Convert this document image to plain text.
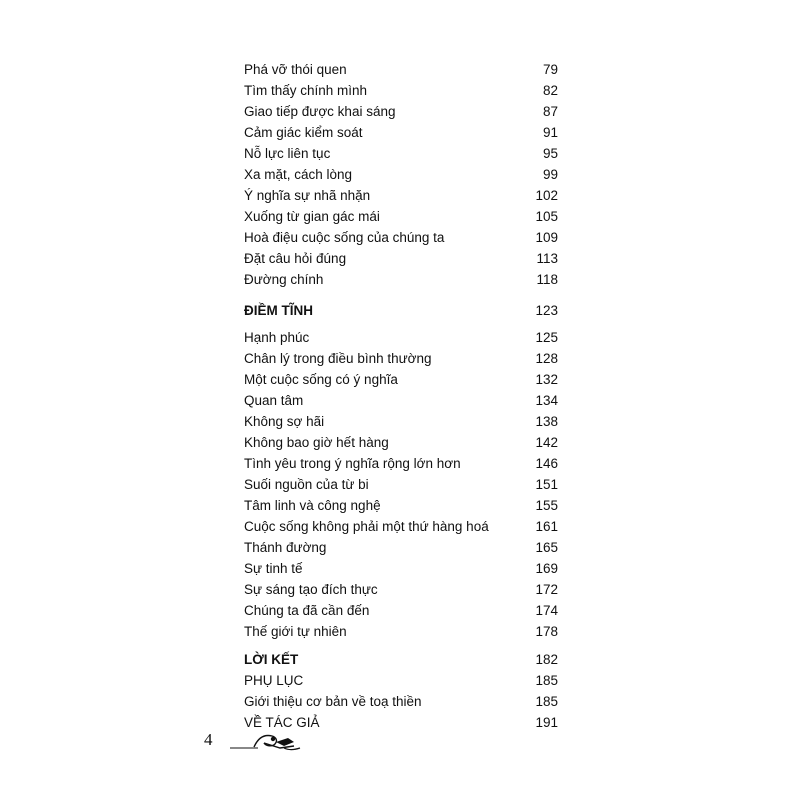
Phá vỡ thói quen	79
Tìm thấy chính mình	82
Giao tiếp được khai sáng	87
Cảm giác kiểm soát	91
Nỗ lực liên tục	95
Xa mặt, cách lòng	99
Ý nghĩa sự nhã nhặn	102
Xuống từ gian gác mái	105
Hoà điệu cuộc sống của chúng ta	109
Đặt câu hỏi đúng	113
Đường chính	118
ĐIỀM TĨNH	123
Hạnh phúc	125
Chân lý trong điều bình thường	128
Một cuộc sống có ý nghĩa	132
Quan tâm	134
Không sợ hãi	138
Không bao giờ hết hàng	142
Tình yêu trong ý nghĩa rộng lớn hơn	146
Suối nguồn của từ bi	151
Tâm linh và công nghệ	155
Cuộc sống không phải một thứ hàng hoá	161
Thánh đường	165
Sự tinh tế	169
Sự sáng tạo đích thực	172
Chúng ta đã cần đến	174
Thế giới tự nhiên	178
LỜI KẾT	182
PHỤ LỤC	185
Giới thiệu cơ bản về toạ thiền	185
VỀ TÁC GIẢ	191
4
